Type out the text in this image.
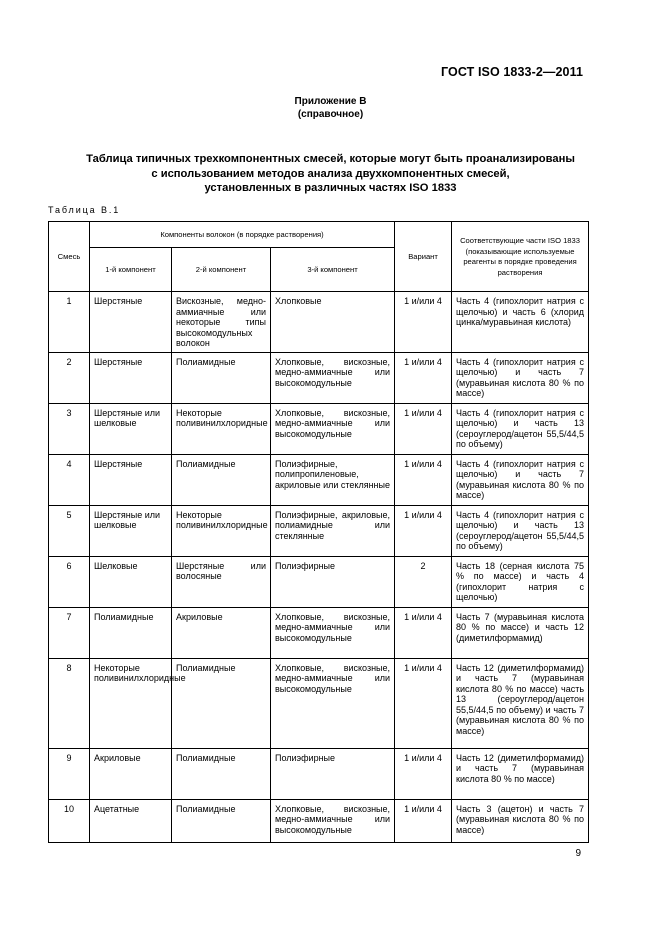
ГОСТ ISO 1833-2—2011
Приложение В
(справочное)
Таблица типичных трехкомпонентных смесей, которые могут быть проанализированы
с использованием методов анализа двухкомпонентных смесей,
установленных в различных частях ISO 1833
Таблица В.1
Смесь	Компоненты волокон (в порядке растворения)			Вариант	Соответствующие части ISO 1833 (показывающие используемые реагенты в порядке проведения растворения
	1-й компонент	2-й компонент	3-й компонент		
1	Шерстяные	Вискозные, медно-аммиачные или некоторые типы высокомодульных волокон	Хлопковые	1 и/или 4	Часть 4 (гипохлорит натрия с щелочью) и часть 6 (хлорид цинка/муравьиная кислота)
2	Шерстяные	Полиамидные	Хлопковые, вискозные, медно-аммиачные или высокомодульные	1 и/или 4	Часть 4 (гипохлорит натрия с щелочью) и часть 7 (муравьиная кислота 80 % по массе)
3	Шерстяные или шелковые	Некоторые поливинилхлоридные	Хлопковые, вискозные, медно-аммиачные или высокомодульные	1 и/или 4	Часть 4 (гипохлорит натрия с щелочью) и часть 13 (сероуглерод/ацетон 55,5/44,5 по объему)
4	Шерстяные	Полиамидные	Полиэфирные, полипропиленовые, акриловые или стеклянные	1 и/или 4	Часть 4 (гипохлорит натрия с щелочью) и часть 7 (муравьиная кислота 80 % по массе)
5	Шерстяные или шелковые	Некоторые поливинилхлоридные	Полиэфирные, акриловые, полиамидные или стеклянные	1 и/или 4	Часть 4 (гипохлорит натрия с щелочью) и часть 13 (сероуглерод/ацетон 55,5/44,5 по объему)
6	Шелковые	Шерстяные или волосяные	Полиэфирные	2	Часть 18 (серная кислота 75 % по массе) и часть 4 (гипохлорит натрия с щелочью)
7	Полиамидные	Акриловые	Хлопковые, вискозные, медно-аммиачные или высокомодульные	1 и/или 4	Часть 7 (муравьиная кислота 80 % по массе) и часть 12 (диметилформамид)
8	Некоторые поливинилхлоридные	Полиамидные	Хлопковые, вискозные, медно-аммиачные или высокомодульные	1 и/или 4	Часть 12 (диметилформамид) и часть 7 (муравьиная кислота 80 % по массе) часть 13 (сероуглерод/ацетон 55,5/44,5 по объему) и часть 7 (муравьиная кислота 80 % по массе)
9	Акриловые	Полиамидные	Полиэфирные	1 и/или 4	Часть 12 (диметилформамид) и часть 7 (муравьиная кислота 80 % по массе)
10	Ацетатные	Полиамидные	Хлопковые, вискозные, медно-аммиачные или высокомодульные	1 и/или 4	Часть 3 (ацетон) и часть 7 (муравьиная кислота 80 % по массе)
9
